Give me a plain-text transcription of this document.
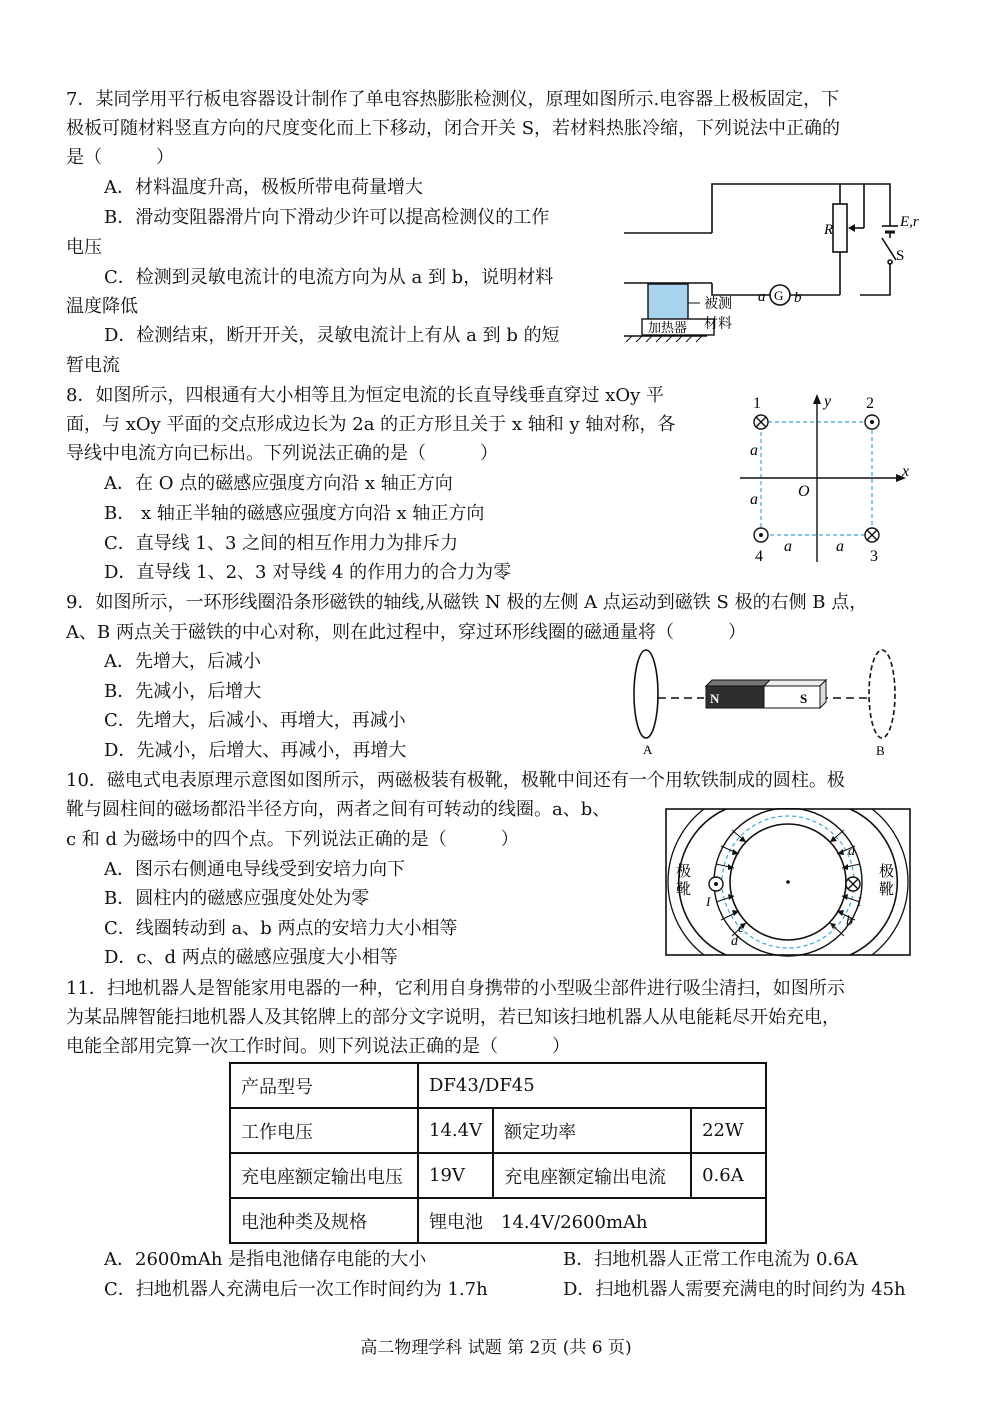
7．某同学用平行板电容器设计制作了单电容热膨胀检测仪，原理如图所示.电容器上极板固定，下
极板可随材料竖直方向的尺度变化而上下移动，闭合开关 S，若材料热胀冷缩，下列说法中正确的
是（　　　）
A．材料温度升高，极板所带电荷量增大
B．滑动变阻器滑片向下滑动少许可以提高检测仪的工作
电压
C．检测到灵敏电流计的电流方向为从 a 到 b，说明材料
温度降低
D．检测结束，断开开关，灵敏电流计上有从 a 到 b 的短
暂电流
R	E,r
S
a G b
加热器
被测
材料
8．如图所示，四根通有大小相等且为恒定电流的长直导线垂直穿过 xOy 平
面，与 xOy 平面的交点形成边长为 2a 的正方形且关于 x 轴和 y 轴对称，各
导线中电流方向已标出。下列说法正确的是（　　　）
A．在 O 点的磁感应强度方向沿 x 轴正方向
B． x 轴正半轴的磁感应强度方向沿 x 轴正方向
C．直导线 1、3 之间的相互作用力为排斥力
D．直导线 1、2、3 对导线 4 的作用力的合力为零
1	2
3
4
y
x
O
a
a
a	a
9．如图所示，一环形线圈沿条形磁铁的轴线,从磁铁 N 极的左侧 A 点运动到磁铁 S 极的右侧 B 点，
A、B 两点关于磁铁的中心对称，则在此过程中，穿过环形线圈的磁通量将（　　　）
A．先增大，后减小
B．先减小，后增大
C．先增大，后减小、再增大，再减小
D．先减小，后增大、再减小，再增大
N	S
A	B
10．磁电式电表原理示意图如图所示，两磁极装有极靴，极靴中间还有一个用软铁制成的圆柱。极
靴与圆柱间的磁场都沿半径方向，两者之间有可转动的线圈。a、b、
c 和 d 为磁场中的四个点。下列说法正确的是（　　　）
A．图示右侧通电导线受到安培力向下
B．圆柱内的磁感应强度处处为零
C．线圈转动到 a、b 两点的安培力大小相等
D．c、d 两点的磁感应强度大小相等
极
靴
极
靴
a
b
c
d
I	I
11．扫地机器人是智能家用电器的一种，它利用自身携带的小型吸尘部件进行吸尘清扫，如图所示
为某品牌智能扫地机器人及其铭牌上的部分文字说明，若已知该扫地机器人从电能耗尽开始充电，
电能全部用完算一次工作时间。则下列说法正确的是（　　　）
产品型号	DF43/DF45		
工作电压	14.4V	额定功率	22W
充电座额定输出电压	19V	充电座额定输出电流	0.6A
电池种类及规格	锂电池　14.4V/2600mAh		
A．2600mAh 是指电池储存电能的大小	B．扫地机器人正常工作电流为 0.6A
C．扫地机器人充满电后一次工作时间约为 1.7h	D．扫地机器人需要充满电的时间约为 45h
高二物理学科 试题 第 2页 (共 6 页)
